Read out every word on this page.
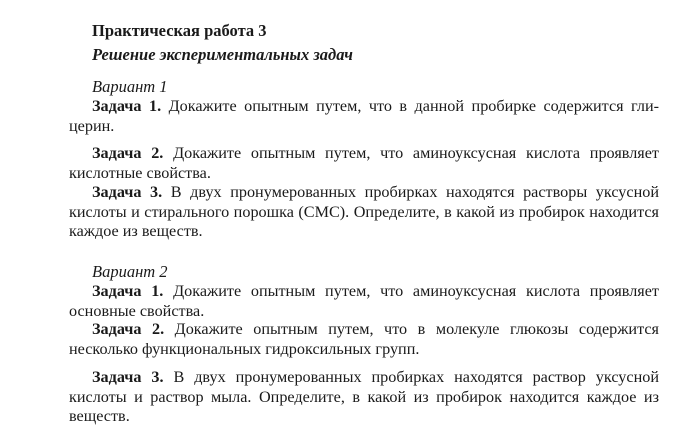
Практическая работа 3
Решение экспериментальных задач
Вариант 1
Задача 1. Докажите опытным путем, что в данной пробирке содержится глицерин.
Задача 2. Докажите опытным путем, что аминоуксусная кислота проявляет кислотные свойства.
Задача 3. В двух пронумерованных пробирках находятся растворы уксусной кислоты и стирального порошка (СМС). Определите, в какой из пробирок находится каждое из веществ.
Вариант 2
Задача 1. Докажите опытным путем, что аминоуксусная кислота проявляет основные свойства.
Задача 2. Докажите опытным путем, что в молекуле глюкозы содержится несколько функциональных гидроксильных групп.
Задача 3. В двух пронумерованных пробирках находятся раствор уксусной кислоты и раствор мыла. Определите, в какой из пробирок находится каждое из веществ.
